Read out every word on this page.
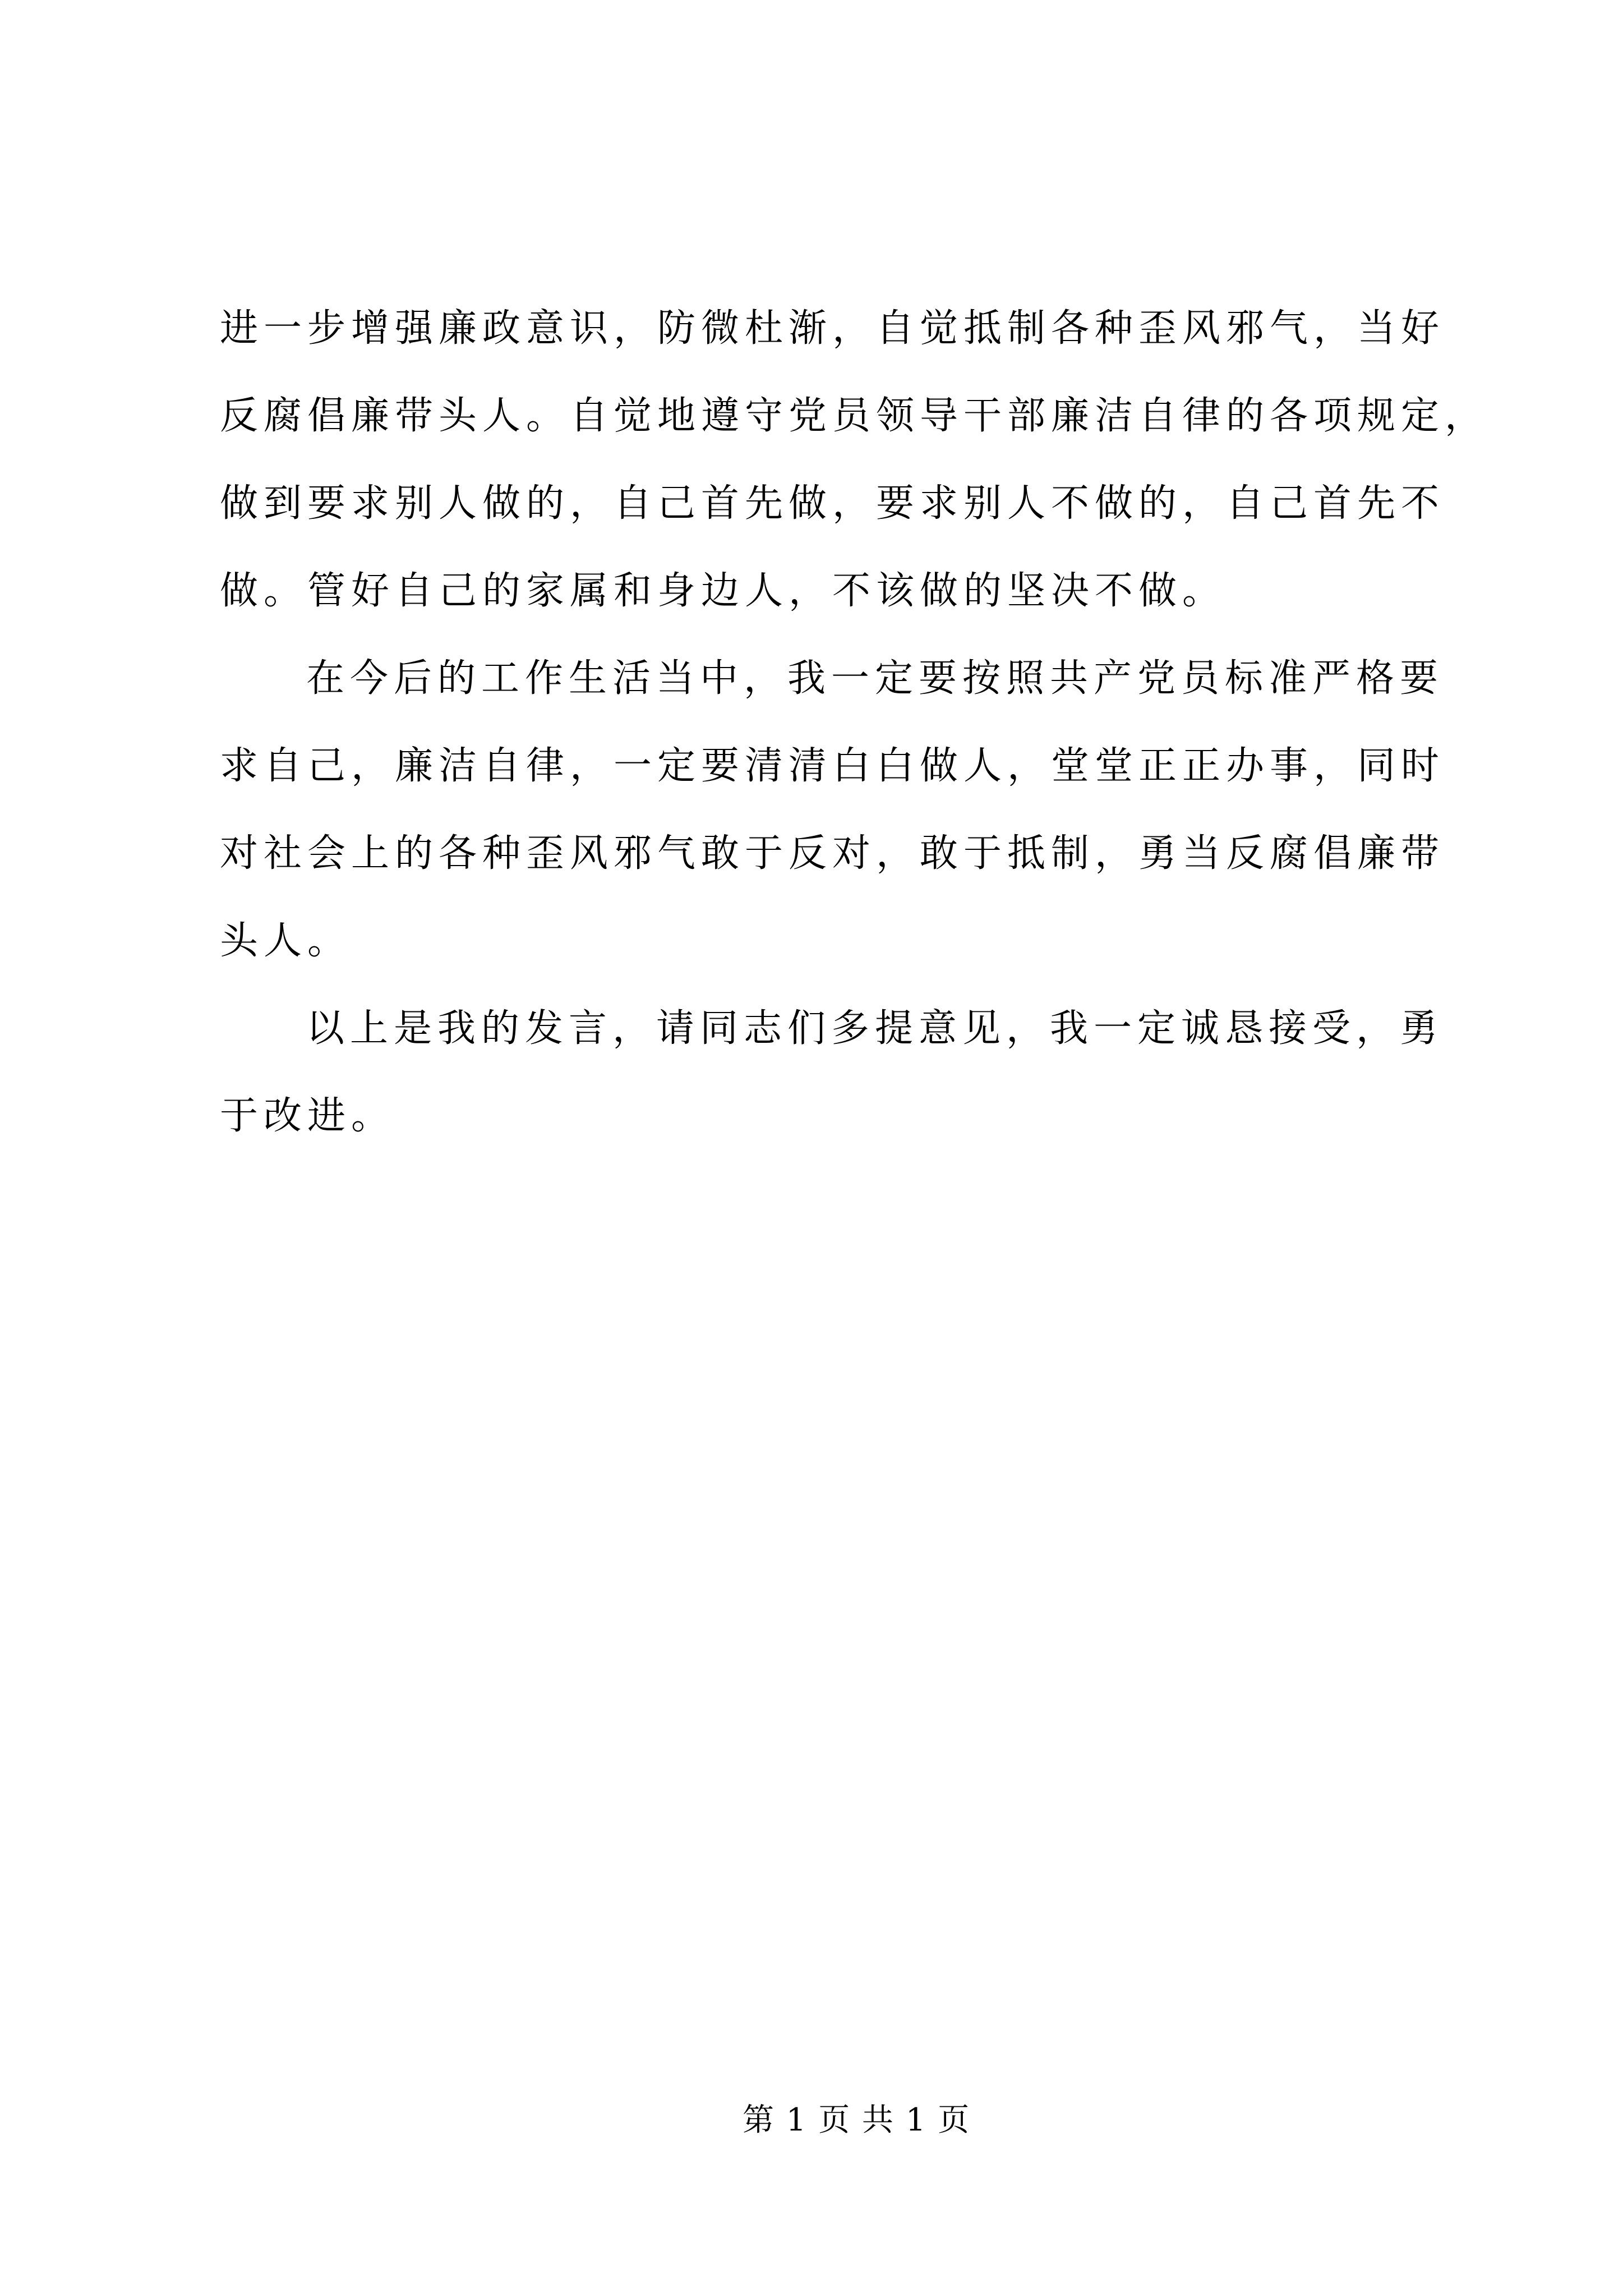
进一步增强廉政意识，防微杜渐，自觉抵制各种歪风邪气，当好
反腐倡廉带头人。自觉地遵守党员领导干部廉洁自律的各项规定，
做到要求别人做的，自己首先做，要求别人不做的，自己首先不
做。管好自己的家属和身边人，不该做的坚决不做。
在今后的工作生活当中，我一定要按照共产党员标准严格要
求自己，廉洁自律，一定要清清白白做人，堂堂正正办事，同时
对社会上的各种歪风邪气敢于反对，敢于抵制，勇当反腐倡廉带
头人。
以上是我的发言，请同志们多提意见，我一定诚恳接受，勇
于改进。
第 1 页 共 1 页
